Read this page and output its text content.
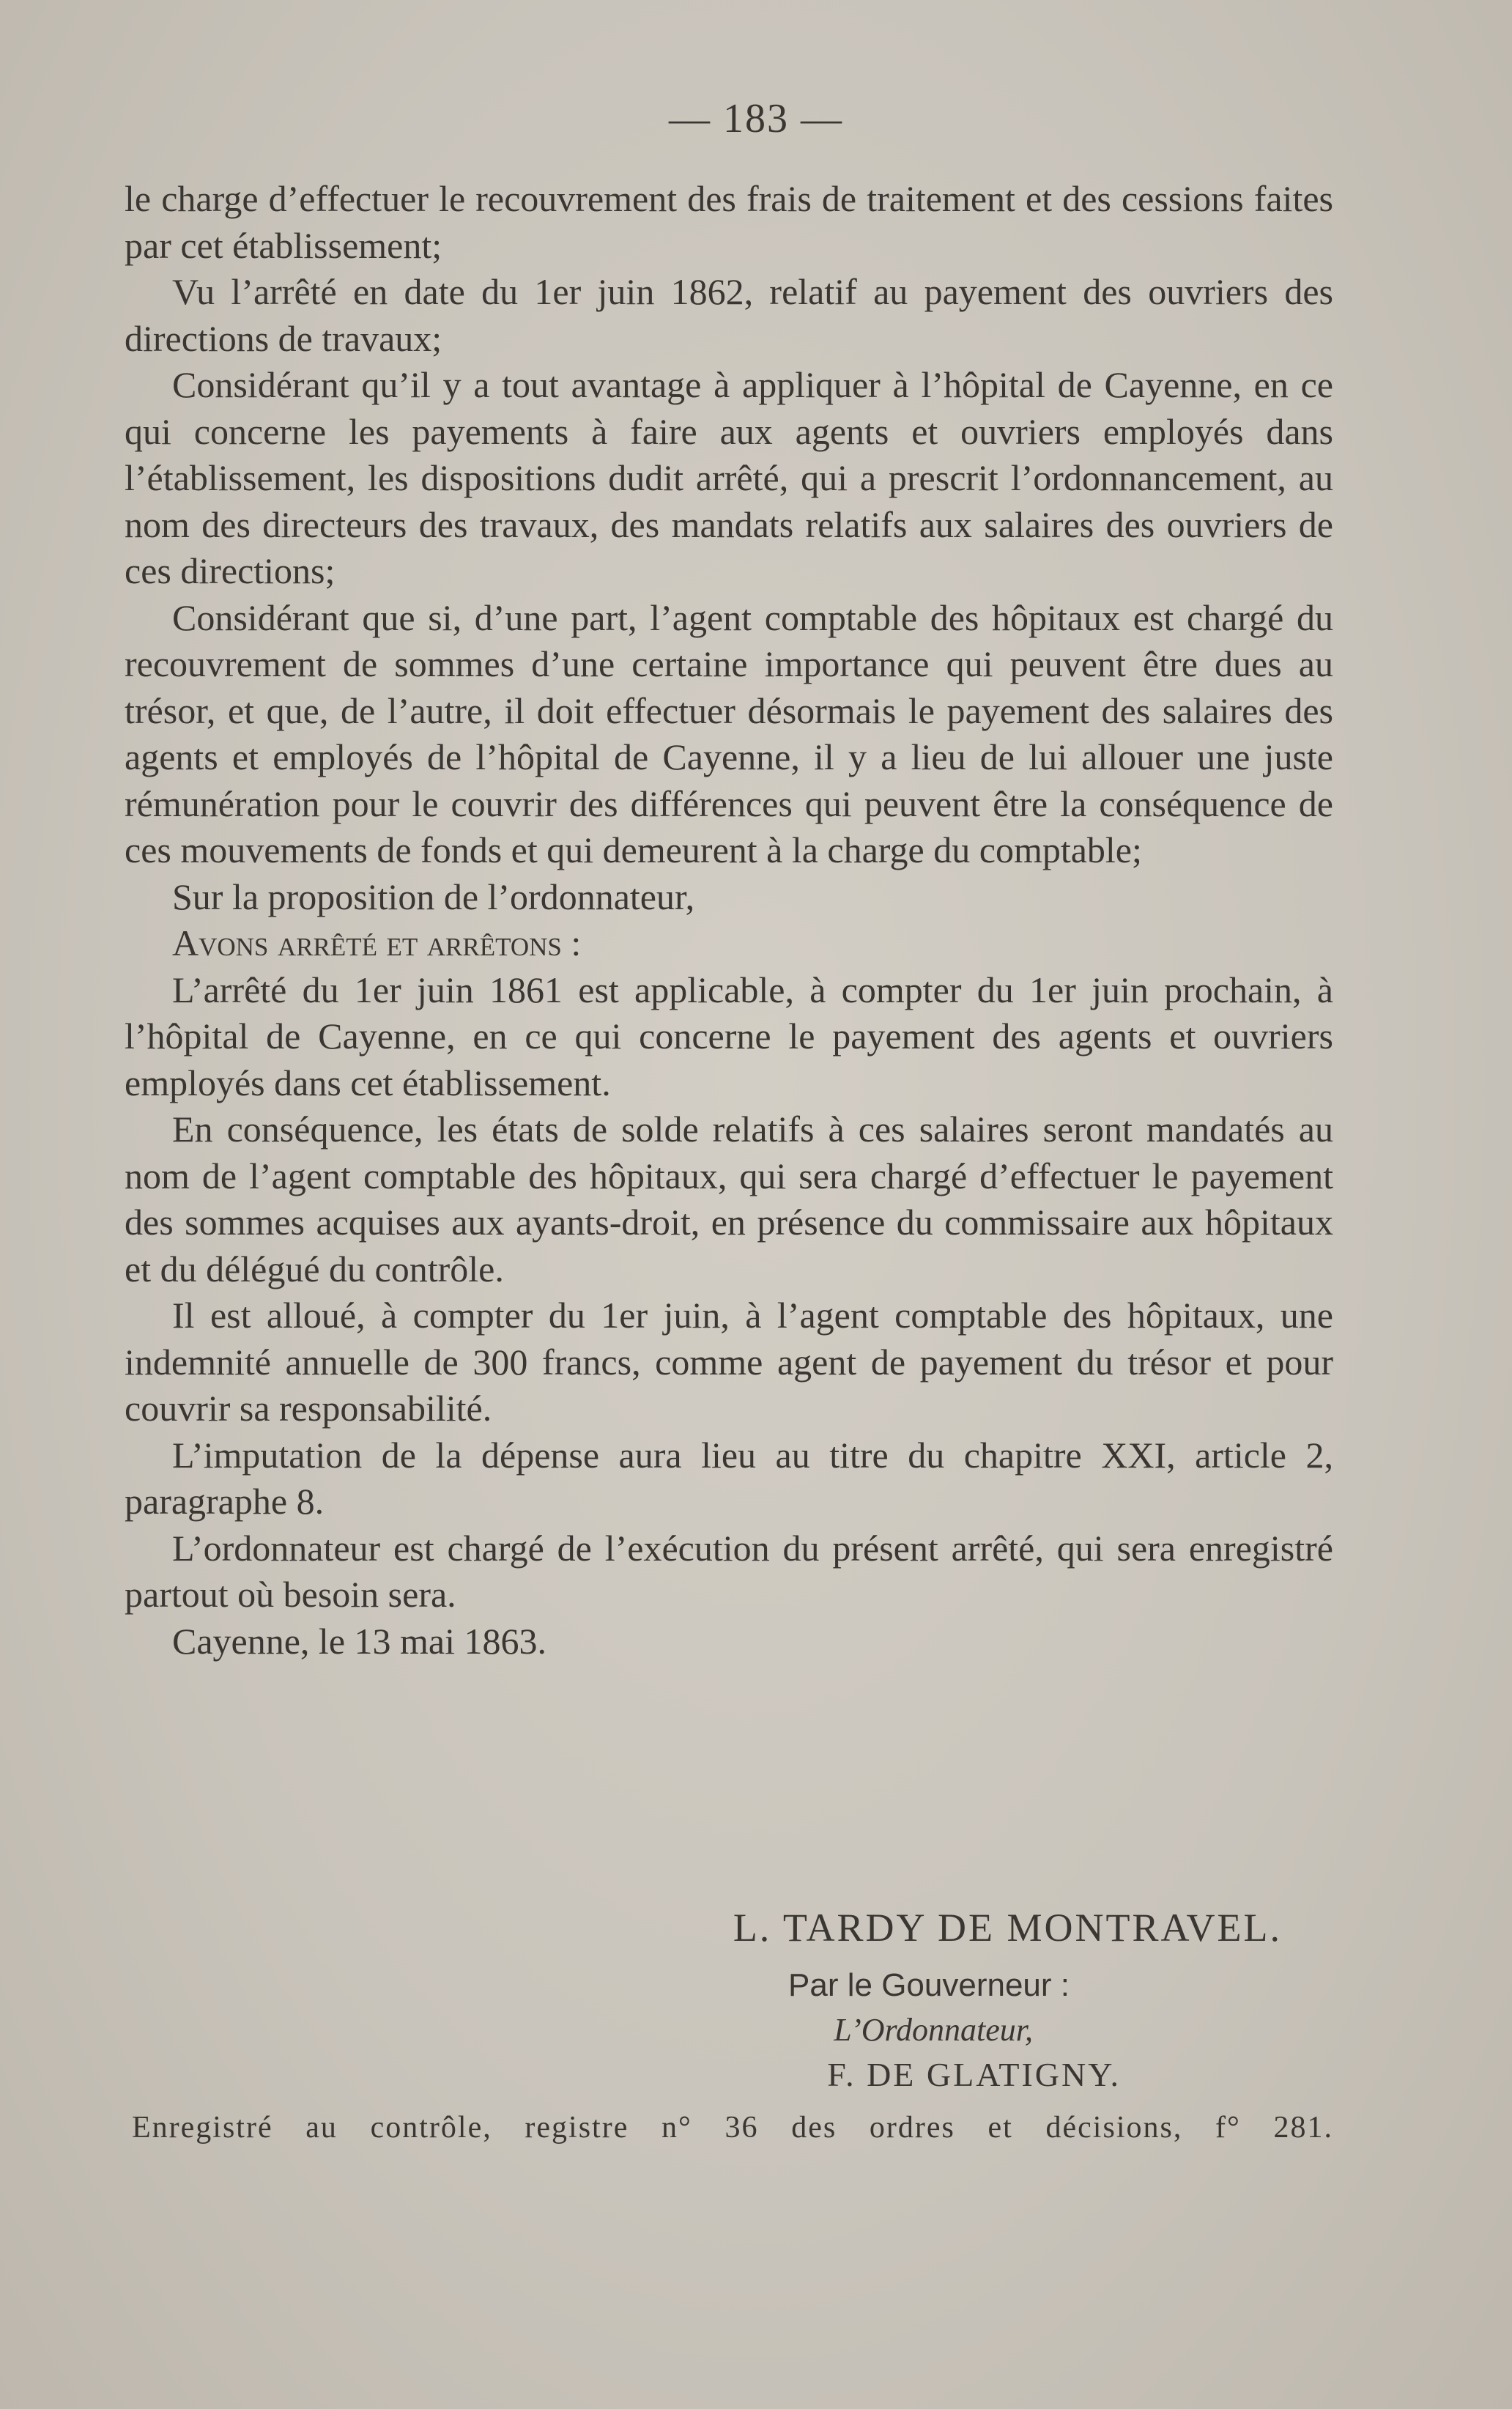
— 183 —

le charge d’effectuer le recouvrement des frais de traitement et des cessions faites par cet établissement;

Vu l’arrêté en date du 1er juin 1862, relatif au payement des ouvriers des directions de travaux;

Considérant qu’il y a tout avantage à appliquer à l’hôpital de Cayenne, en ce qui concerne les payements à faire aux agents et ouvriers employés dans l’établissement, les dispositions dudit arrêté, qui a prescrit l’ordonnancement, au nom des directeurs des travaux, des mandats relatifs aux salaires des ouvriers de ces directions;

Considérant que si, d’une part, l’agent comptable des hôpitaux est chargé du recouvrement de sommes d’une certaine importance qui peuvent être dues au trésor, et que, de l’autre, il doit effectuer désormais le payement des salaires des agents et employés de l’hôpital de Cayenne, il y a lieu de lui allouer une juste rémunération pour le couvrir des différences qui peuvent être la conséquence de ces mouvements de fonds et qui demeurent à la charge du comptable;

Sur la proposition de l’ordonnateur,

Avons arrêté et arrêtons :

L’arrêté du 1er juin 1861 est applicable, à compter du 1er juin prochain, à l’hôpital de Cayenne, en ce qui concerne le payement des agents et ouvriers employés dans cet établissement.

En conséquence, les états de solde relatifs à ces salaires seront mandatés au nom de l’agent comptable des hôpitaux, qui sera chargé d’effectuer le payement des sommes acquises aux ayants-droit, en présence du commissaire aux hôpitaux et du délégué du contrôle.

Il est alloué, à compter du 1er juin, à l’agent comptable des hôpitaux, une indemnité annuelle de 300 francs, comme agent de payement du trésor et pour couvrir sa responsabilité.

L’imputation de la dépense aura lieu au titre du chapitre XXI, article 2, paragraphe 8.

L’ordonnateur est chargé de l’exécution du présent arrêté, qui sera enregistré partout où besoin sera.

Cayenne, le 13 mai 1863.

L. TARDY DE MONTRAVEL.
Par le Gouverneur :
L’Ordonnateur,
F. DE GLATIGNY.
Enregistré au contrôle, registre n° 36 des ordres et décisions, f° 281.
